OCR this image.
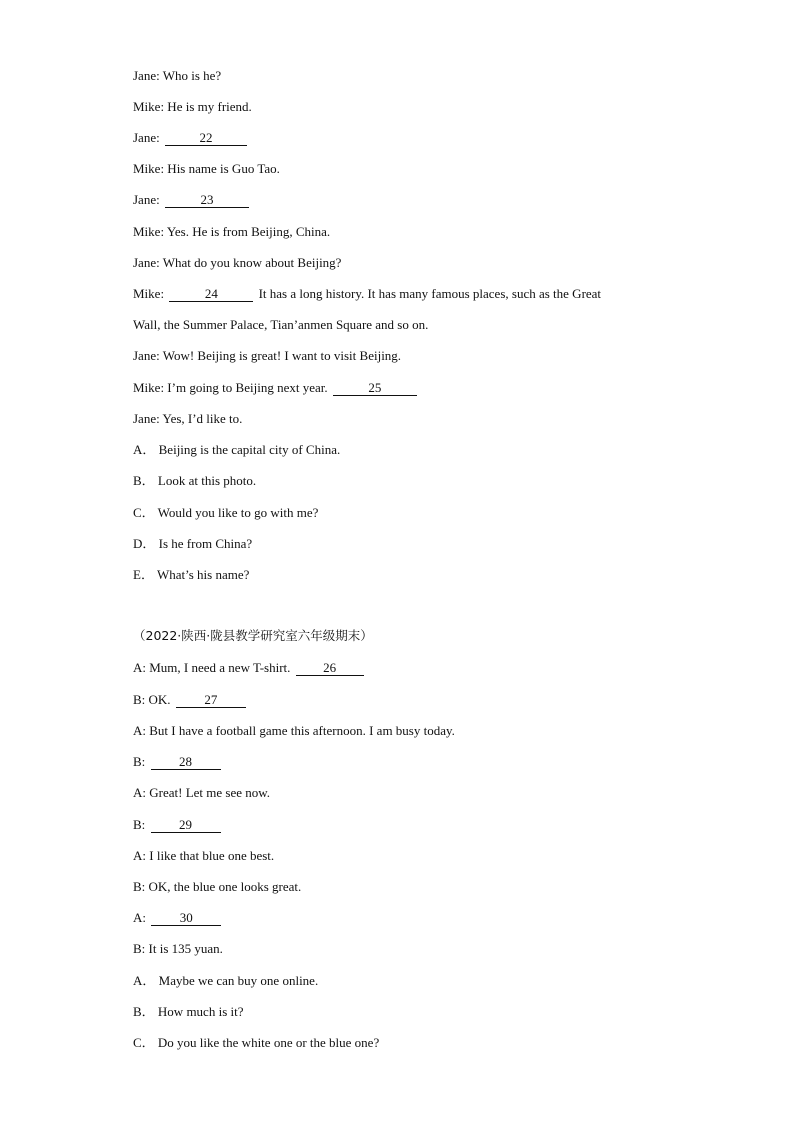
Jane: Who is he?
Mike: He is my friend.
Jane:	22
Mike: His name is Guo Tao.
Jane:	23
Mike: Yes. He is from Beijing, China.
Jane: What do you know about Beijing?
Mike:	24	It has a long history. It has many famous places, such as the Great
Wall, the Summer Palace, Tian’anmen Square and so on.
Jane: Wow! Beijing is great! I want to visit Beijing.
Mike: I’m going to Beijing next year.	25
Jane: Yes, I’d like to.
A． Beijing is the capital city of China.
B． Look at this photo.
C． Would you like to go with me?
D． Is he from China?
E． What’s his name?
（2022·陕西·陇县教学研究室六年级期末）
A: Mum, I need a new T-shirt.	26
B: OK.	27
A: But I have a football game this afternoon. I am busy today.
B:	28
A: Great! Let me see now.
B:	29
A: I like that blue one best.
B: OK, the blue one looks great.
A:	30
B: It is 135 yuan.
A． Maybe we can buy one online.
B． How much is it?
C． Do you like the white one or the blue one?
